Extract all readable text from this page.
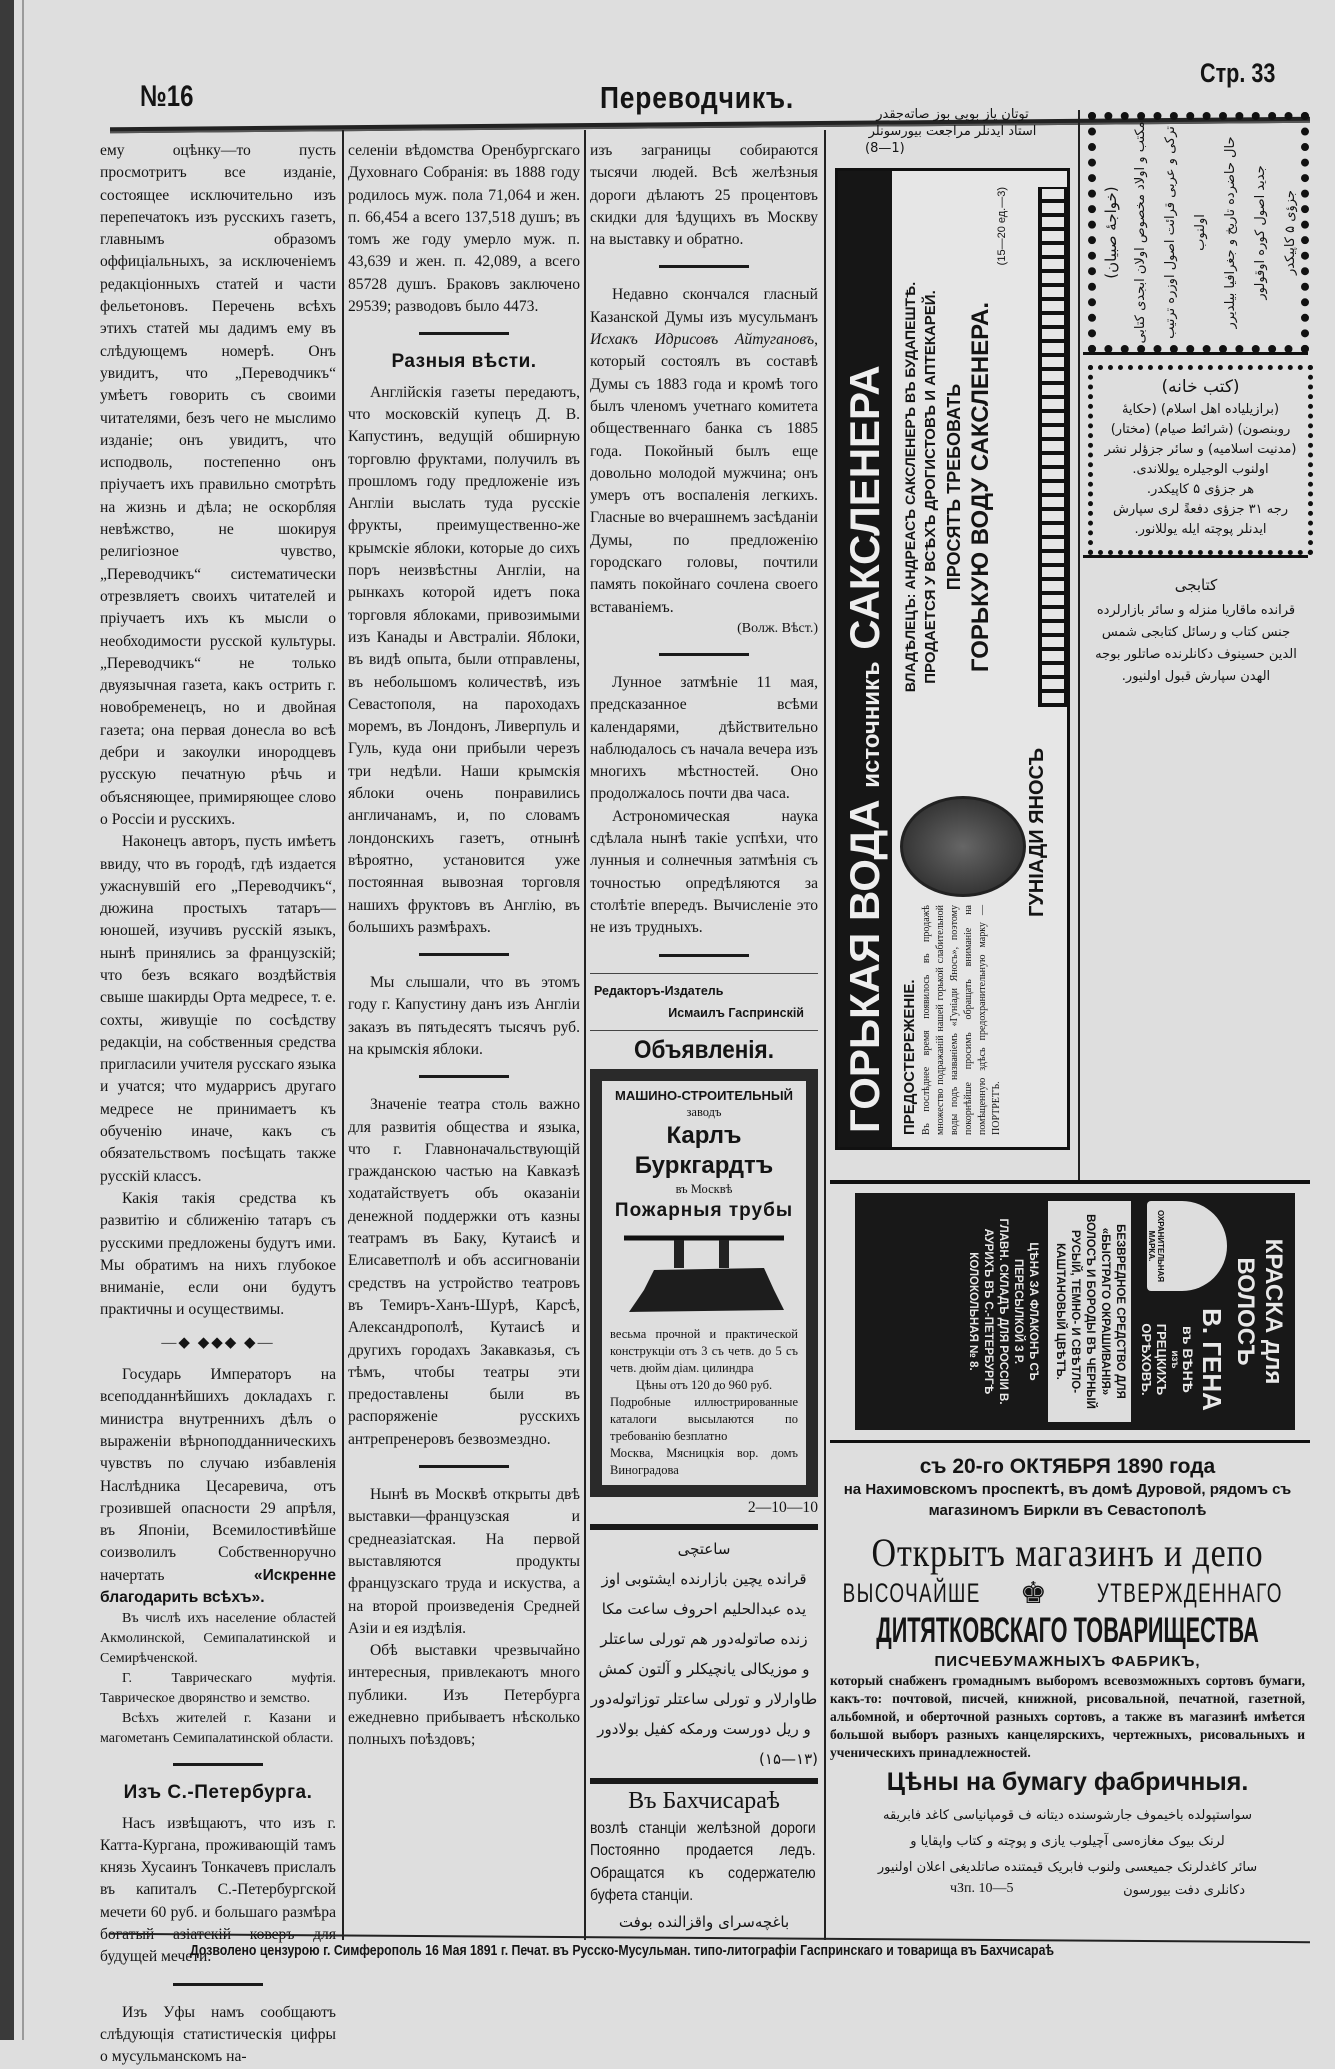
№16	Переводчикъ.
Стр. 33

ему оцѣнку—то пусть просмотритъ все изданіе, состоящее исключительно изъ перепечатокъ изъ русскихъ газетъ, главнымъ образомъ оффиціальныхъ, за исключеніемъ редакціонныхъ статей и части фельетоновъ. Перечень всѣхъ этихъ статей мы дадимъ ему въ слѣдующемъ номерѣ. Онъ увидитъ, что „Переводчикъ“ умѣетъ говорить съ своими читателями, безъ чего не мыслимо изданіе; онъ увидитъ, что исподволь, постепенно онъ пріучаетъ ихъ правильно смотрѣть на жизнь и дѣла; не оскорбляя невѣжство, не шокируя религіозное чувство, „Переводчикъ“ систематически отрезвляетъ своихъ читателей и пріучаетъ ихъ къ мысли о необходимости русской культуры. „Переводчикъ“ не только двуязычная газета, какъ острить г. новобременецъ, но и двойная газета; она первая донесла во всѣ дебри и закоулки инородцевъ русскую печатную рѣчь и объясняющее, примиряющее слово о Россіи и русскихъ.

Наконецъ авторъ, пусть имѣетъ ввиду, что въ городѣ, гдѣ издается ужаснувшій его „Переводчикъ“, дюжина простыхъ татаръ—юношей, изучивъ русскій языкъ, нынѣ принялись за французскій; что безъ всякаго воздѣйствія свыше шакирды Орта медресе, т. е. сохты, живущіе по сосѣдству редакціи, на собственныя средства пригласили учителя русскаго языка и учатся; что мударрисъ другаго медресе не принимаетъ къ обученію иначе, какъ съ обязательствомъ посѣщать также русскій классъ.

Какія такія средства къ развитію и сближенію татаръ съ русскими предложены будутъ ими. Мы обратимъ на нихъ глубокое вниманіе, если они будутъ практичны и осуществимы.

—◆ ◆◆◆ ◆—

Государь Императоръ на всеподданнѣйшихъ докладахъ г. министра внутреннихъ дѣлъ о выраженіи вѣрноподданническихъ чувствъ по случаю избавленія Наслѣдника Цесаревича, отъ грозившей опасности 29 апрѣля, въ Японіи, Всемилостивѣйше соизволилъ Собственноручно начертать	«Искренне благодарить всѣхъ».

Въ числѣ ихъ население областей Акмолинской, Семипалатинской и Семирѣченской.

Г. Таврическаго муфтія. Таврическое дворянство и земство.

Всѣхъ жителей г. Казани и магометанъ Семипалатинской области.

Изъ С.-Петербурга.

Насъ извѣщаютъ, что изъ г. Катта-Кургана, проживающій тамъ князь Хусаинъ Тонкачевъ прислалъ въ капиталъ С.-Петербургской мечети 60 руб. и большаго размѣра богатый азіатскій коверъ для будущей мечети.

Изъ Уфы намъ сообщаютъ слѣдующія статистическія цифры о мусульманскомъ на-

селеніи вѣдомства Оренбургскаго Духовнаго Собранія: въ 1888 году родилось муж. пола 71,064 и жен. п. 66,454 а всего 137,518 душъ; въ томъ же году умерло муж. п. 43,639 и жен. п. 42,089, а всего 85728 душъ. Браковъ заключено 29539; разводовъ было 4473.

Разныя вѣсти.

Англійскія газеты передаютъ, что московскій купецъ Д. В. Капустинъ, ведущій обширную торговлю фруктами, получилъ въ прошломъ году предложеніе изъ Англіи выслать туда русскіе фрукты, преимущественно-же крымскіе яблоки, которые до сихъ поръ неизвѣстны Англіи, на рынкахъ которой идетъ пока торговля яблоками, привозимыми изъ Канады и Австраліи. Яблоки, въ видѣ опыта, были отправлены, въ небольшомъ количествѣ, изъ Севастополя, на пароходахъ моремъ, въ Лондонъ, Ливерпуль и Гуль, куда они прибыли черезъ три недѣли. Наши крымскія яблоки очень понравились англичанамъ, и, по словамъ лондонскихъ газетъ, отнынѣ вѣроятно, установится уже постоянная вывозная торговля нашихъ фруктовъ въ Англію, въ большихъ размѣрахъ.

Мы слышали, что въ этомъ году г. Капустину данъ изъ Англіи заказъ въ пятьдесятъ тысячъ руб. на крымскія яблоки.

Значеніе театра столь важно для развитія общества и языка, что г. Главноначальствующій гражданскою частью на Кавказѣ ходатайствуетъ объ оказаніи денежной поддержки отъ казны театрамъ въ Баку, Кутаисѣ и Елисаветполѣ и объ ассигнованіи средствъ на устройство театровъ въ Темиръ-Ханъ-Шурѣ, Карсѣ, Александрополѣ, Кутаисѣ и другихъ городахъ Закавказья, съ тѣмъ, чтобы театры эти предоставлены были въ распоряженіе русскихъ антрепренеровъ безвозмездно.

Нынѣ въ Москвѣ открыты двѣ выставки—французская и среднеазіатская. На первой выставляются продукты французскаго труда и искуства, а на второй произведенія Средней Азіи и ея издѣлія.

Обѣ выставки чрезвычайно интересныя, привлекаютъ много публики. Изъ Петербурга ежедневно прибываетъ нѣсколько полныхъ поѣздовъ;

изъ заграницы собираются тысячи людей. Всѣ желѣзныя дороги дѣлаютъ 25 процентовъ скидки для ѣдущихъ въ Москву на выставку и обратно.

Недавно скончался гласный Казанской Думы изъ мусульманъ Исхакъ Идрисовъ Айтугановъ, который состоялъ въ составѣ Думы съ 1883 года и кромѣ того былъ членомъ учетнаго комитета общественнаго банка съ 1885 года. Покойный былъ еще довольно молодой мужчина; онъ умеръ отъ воспаленія легкихъ. Гласные во вчерашнемъ засѣданіи Думы, по предложенію городскаго головы, почтили память покойнаго сочлена своего вставаніемъ.

(Волж. Вѣст.)

Лунное затмѣніе 11 мая, предсказанное всѣми календарями, дѣйствительно наблюдалось съ начала вечера изъ многихъ мѣстностей. Оно продолжалось почти два часа.

Астрономическая наука сдѣлала нынѣ такіе успѣхи, что лунныя и солнечныя затмѣнія съ точностью опредѣляются за столѣтіе впередъ. Вычисленіе это не изъ трудныхъ.

Редакторъ-Издатель
Исмаилъ Гаспринскій
Объявленія.
МАШИНО-СТРОИТЕЛЬНЫЙ
заводъ
Карлъ Буркгардтъ
въ Москвѣ
Пожарныя трубы
весьма прочной и практической конструкціи отъ 3 съ четв. до 5 съ четв. дюйм діам. цилиндра
Цѣны отъ 120 до 960 руб.
Подробные иллюстрированные каталоги высылаются по требованію безплатно
Москва, Мясницкія вор. домъ Виноградова
2—10—10
ساعتچی
قرانده یچین بازارنده ایشتوبی اوز
یده عبدالحلیم احروف ساعت مکا
زنده صاتوله‌دور هم تورلی ساعتلر
و موزیکالی یانچیکلر و آلتون کمش
طاوارلار و تورلی ساعتلر توزاتوله‌دور
و ریل دورست ورمکه کفیل بولادور
(۱۳—۱۵)
Въ Бахчисараѣ

возлѣ станціи желѣзной дороги Постоянно продается ледъ. Обращатся къ содержателю буфета станціи.

باغچه‌سرای واقزالنده بوفت
توتان یاز بویی بوز صاته‌جقدر
استاد ایدنلر مراجعت بیورسونلر
(8—1)
ГОРЬКАЯ ВОДА источникъ САКСЛЕНЕРА
ПРЕДОСТЕРЕЖЕНІЕ. Въ послѣднее время появилось въ продажѣ множество подражаній нашей горькой слабительной воды подъ названіемъ «Гуніади Яносъ», поэтому покорнѣйше просимъ обращать вниманіе на помѣщенную здѣсь предохранительную марку — ПОРТРЕТЪ.
ВЛАДѢЛЕЦЪ: АНДРЕАСЪ САКСЛЕНЕРЪ ВЪ БУДАПЕШТѢ. ПРОДАЕТСЯ У ВСѢХЪ ДРОГИСТОВЪ И АПТЕКАРЕЙ. ПРОСЯТЪ ТРЕБОВАТЬ ГОРЬКУЮ ВОДУ САКСЛЕНЕРА.
(15—20 ед.—3)
ГУНІАДИ ЯНОСЪ
(خواجهٔ صبیان)	مکتب و اولاد مخصوص اولان ابجدی کتابی	ترکی و عربی قرائت اصول اوزره ترتیب اولنوب	حال حاضرده تاریخ و جغرافیا بیلدیرر	جدید اصول کوره اوقولور	جزؤی ۵ کاپیکدر
(کتب خانه)
(برازیلیاده اهل اسلام) (حکایهٔ
روبنصون) (شرائط صیام) (مختار)
(مدنیت اسلامیه) و سائر جزؤلر نشر
اولنوب الوجیلره یوللاندی.
هر جزؤی ۵ کاپیکدر.
رجه ۳۱ جزؤی دفعةً لری سپارش
ایدنلر پوچته ایله یوللانور.
کتابجی
قرانده ماقاریا منزله و سائر بازارلرده
جنس کتاب و رسائل کتابجی شمس
الدین حسینوف دکانلرنده صاتلور بوجه
الهدن سپارش قبول اولنیور.
КРАСКА для ВОЛОСЪ
ОХРАНИТЕЛЬНАЯ МАРКА.
В. ГЕНА
въ ВѢНѢ
изъ
ГРЕЦКИХЪ ОРѢХОВЪ.
БЕЗВРЕДНОЕ СРЕДСТВО ДЛЯ «БЫСТРАГО ОКРАШИВАНІЯ» ВОЛОСЪ И БОРОДЫ ВЪ ЧЕРНЫЙ РУСЫЙ, ТЕМНО- И СВѢТЛО-КАШТАНОВЫЙ ЦВѢТЪ.
ЦѢНА ЗА ФЛАКОНЪ СЪ ПЕРЕСЫЛКОЙ 3 Р.
ГЛАВН. СКЛАДЪ ДЛЯ РОССІИ В. АУРИХЪ ВЪ С.-ПЕТЕРБУРГѢ КОЛОКОЛЬНАЯ № 8.
съ 20-го ОКТЯБРЯ 1890 года
на Нахимовскомъ проспектѣ, въ домѣ Дуровой, рядомъ съ
магазиномъ Биркли въ Севастополѣ
Открытъ магазинъ и депо
ВЫСОЧАЙШЕ ♚ УТВЕРЖДЕННАГО
ДИТЯТКОВСКАГО ТОВАРИЩЕСТВА
ПИСЧЕБУМАЖНЫХЪ ФАБРИКЪ,
который снабженъ громаднымъ выборомъ всевозможныхъ сортовъ бумаги, какъ-то: почтовой, писчей, книжной, рисовальной, печатной, газетной, альбомной, и оберточной разныхъ сортовъ, а также въ магазинѣ имѣется большой выборъ разныхъ канцелярскихъ, чертежныхъ, рисовальныхъ и ученическихъ принадлежностей.
Цѣны на бумагу фабричныя.
سواستپولده باخیموف جارشوسنده دیتانه ف قومپانیاسی کاغد فابریقه
لرنک بیوک مغازه‌سی آچیلوب یازی و پوچته و کتاب واپقایا و
سائر کاغدلرنک جمیعسی ولنوب فابریک قیمتنده صاتلدیغی اعلان اولنیور
чЗп. 10—5	دکانلری دفت بیورسون
Дозволено цензурою г. Симферополь 16 Мая 1891 г. Печат. въ Русско-Мусульман. типо-литографіи Гаспринскаго и товарища въ Бахчисараѣ
